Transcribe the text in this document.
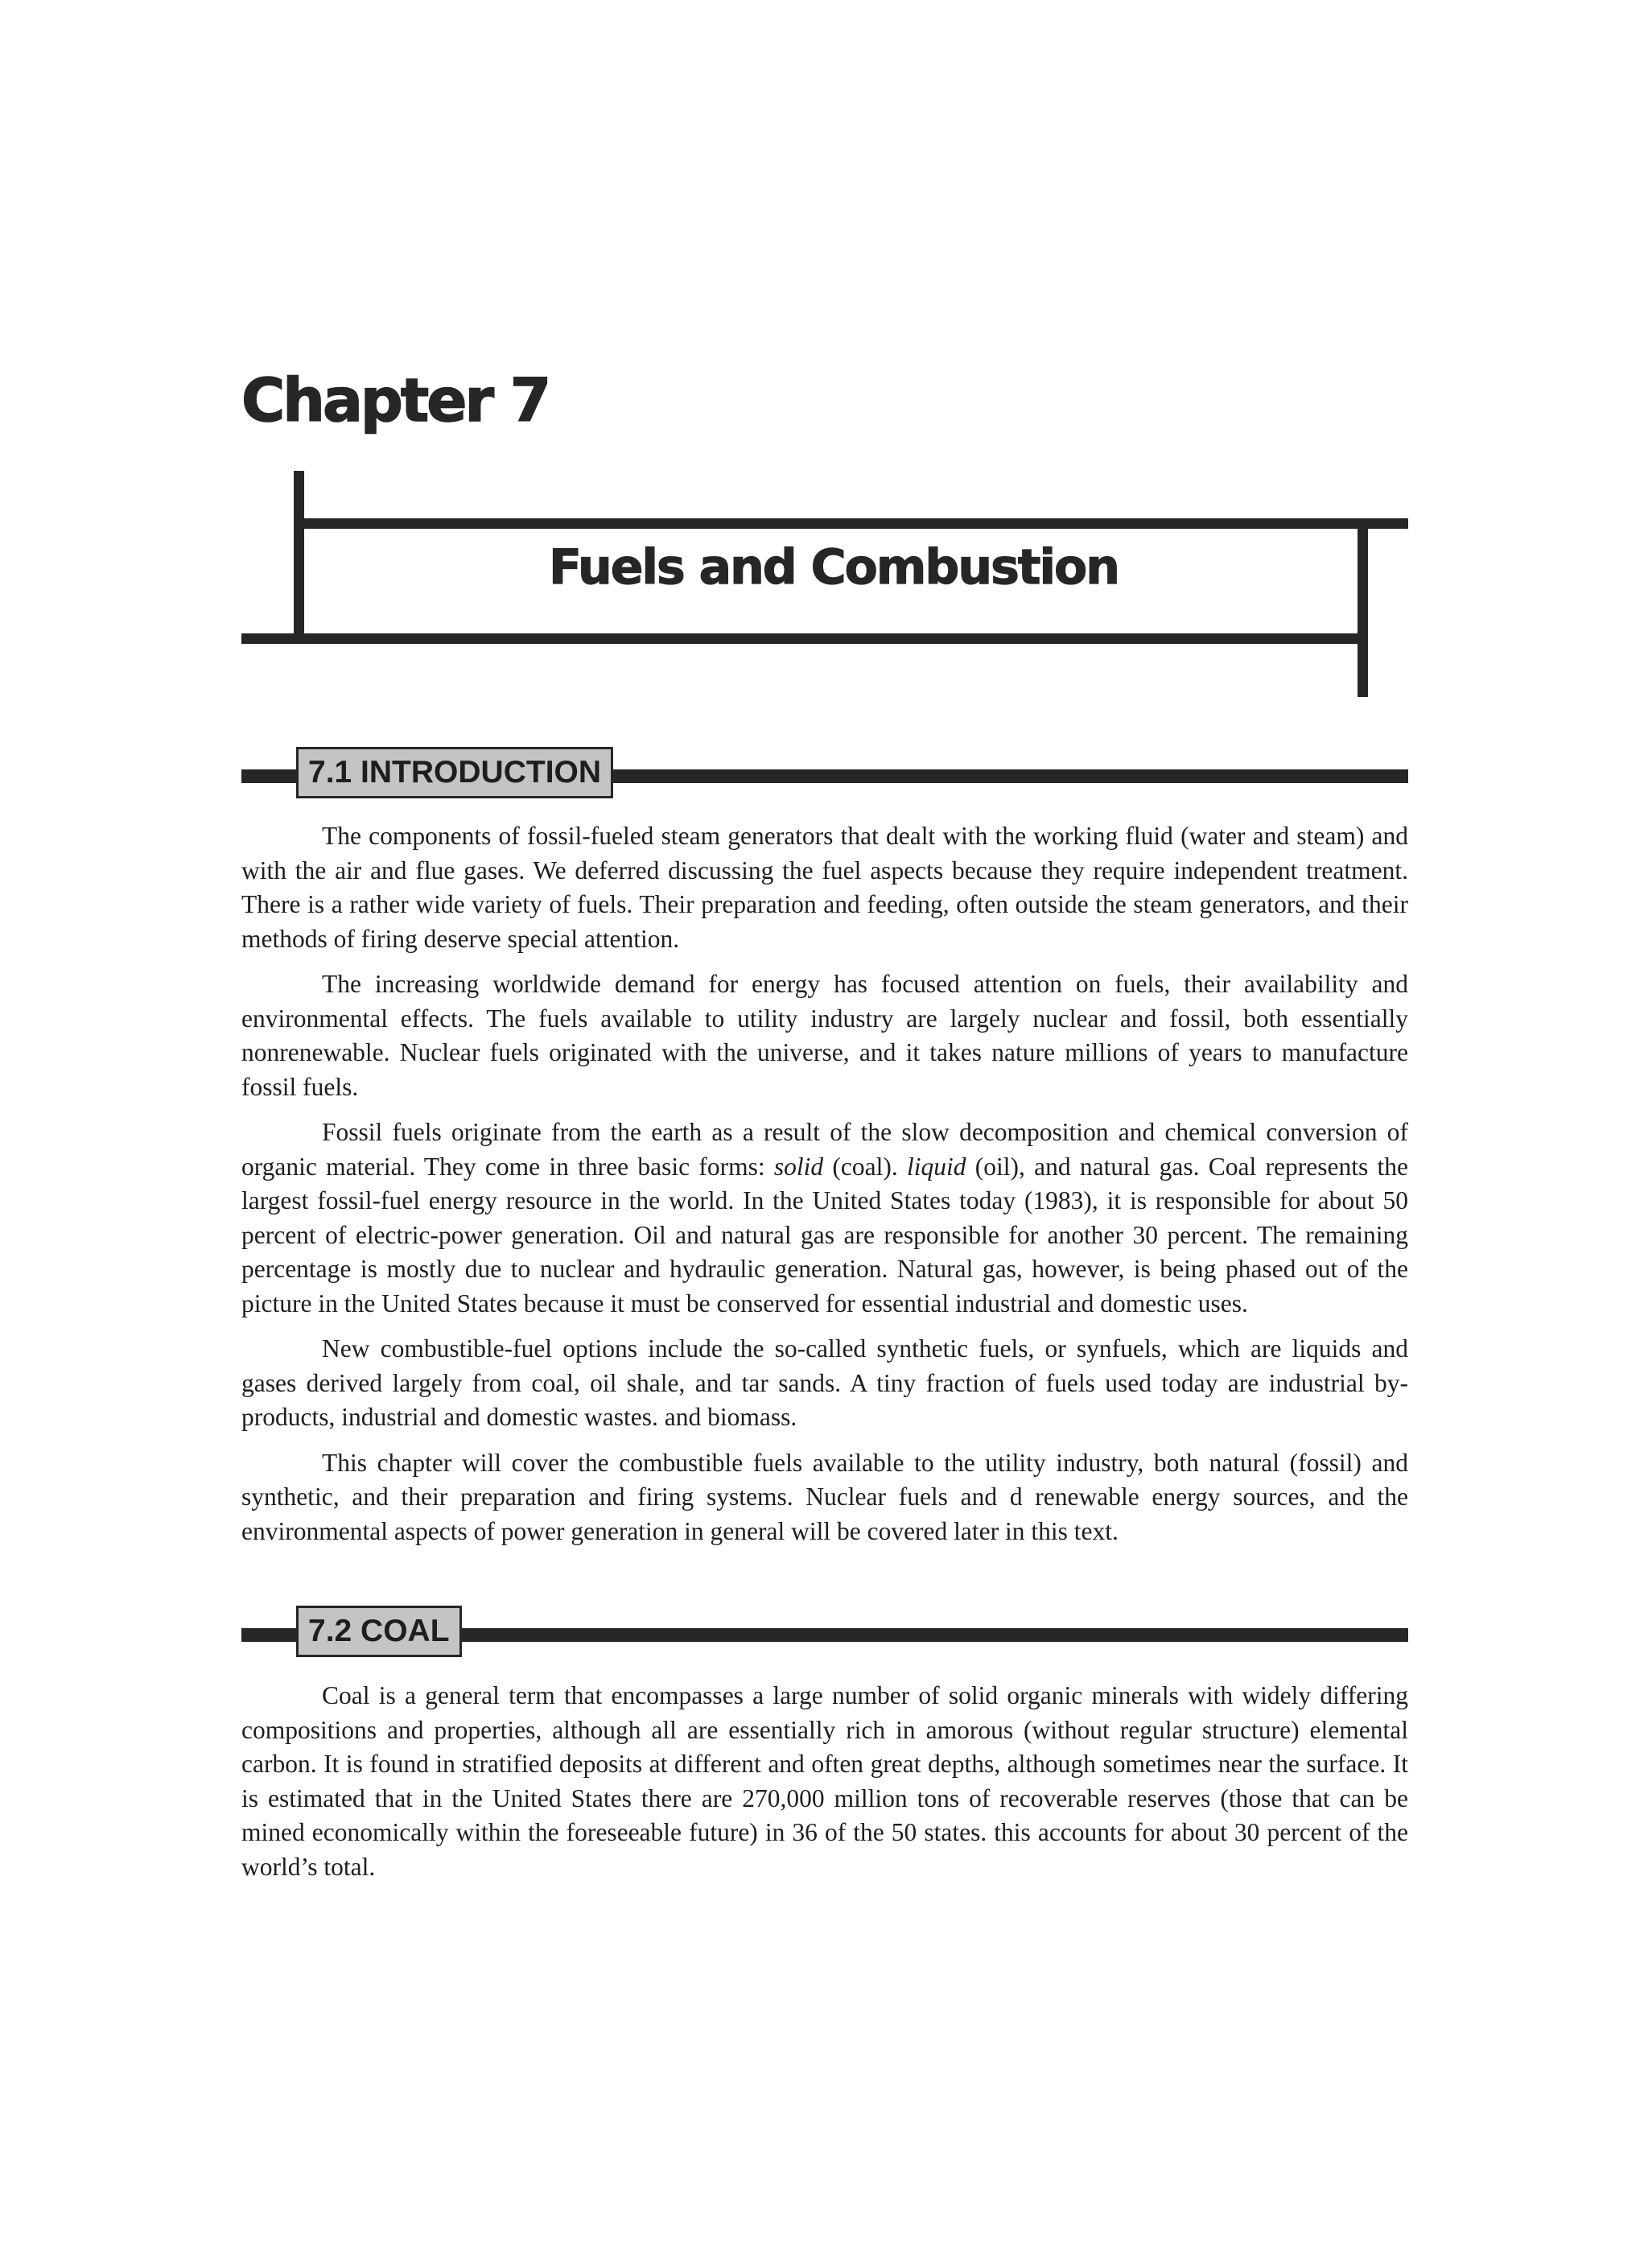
Chapter 7
Fuels and Combustion
7.1 INTRODUCTION

The components of fossil-fueled steam generators that dealt with the working fluid (water and steam) and with the air and flue gases. We deferred discussing the fuel aspects because they require independent treatment. There is a rather wide variety of fuels. Their preparation and feeding, often outside the steam generators, and their methods of firing deserve special attention.

The increasing worldwide demand for energy has focused attention on fuels, their availability and environmental effects. The fuels available to utility industry are largely nuclear and fossil, both essentially nonrenewable. Nuclear fuels originated with the universe, and it takes nature millions of years to manufacture fossil fuels.

Fossil fuels originate from the earth as a result of the slow decomposition and chemical conversion of organic material. They come in three basic forms: solid (coal). liquid (oil), and natural gas. Coal represents the largest fossil-fuel energy resource in the world. In the United States today (1983), it is responsible for about 50 percent of electric-power generation. Oil and natural gas are responsible for another 30 percent. The remaining percentage is mostly due to nuclear and hydraulic generation. Natural gas, however, is being phased out of the picture in the United States because it must be conserved for essential industrial and domestic uses.

New combustible-fuel options include the so-called synthetic fuels, or synfuels, which are liquids and gases derived largely from coal, oil shale, and tar sands. A tiny fraction of fuels used today are industrial by-products, industrial and domestic wastes. and biomass.

This chapter will cover the combustible fuels available to the utility industry, both natural (fossil) and synthetic, and their preparation and firing systems. Nuclear fuels and d renewable energy sources, and the environmental aspects of power generation in general will be covered later in this text.

7.2 COAL

Coal is a general term that encompasses a large number of solid organic minerals with widely differing compositions and properties, although all are essentially rich in amorous (without regular structure) elemental carbon. It is found in stratified deposits at different and often great depths, although sometimes near the surface. It is estimated that in the United States there are 270,000 million tons of recoverable reserves (those that can be mined economically within the foreseeable future) in 36 of the 50 states. this accounts for about 30 percent of the world’s total.
